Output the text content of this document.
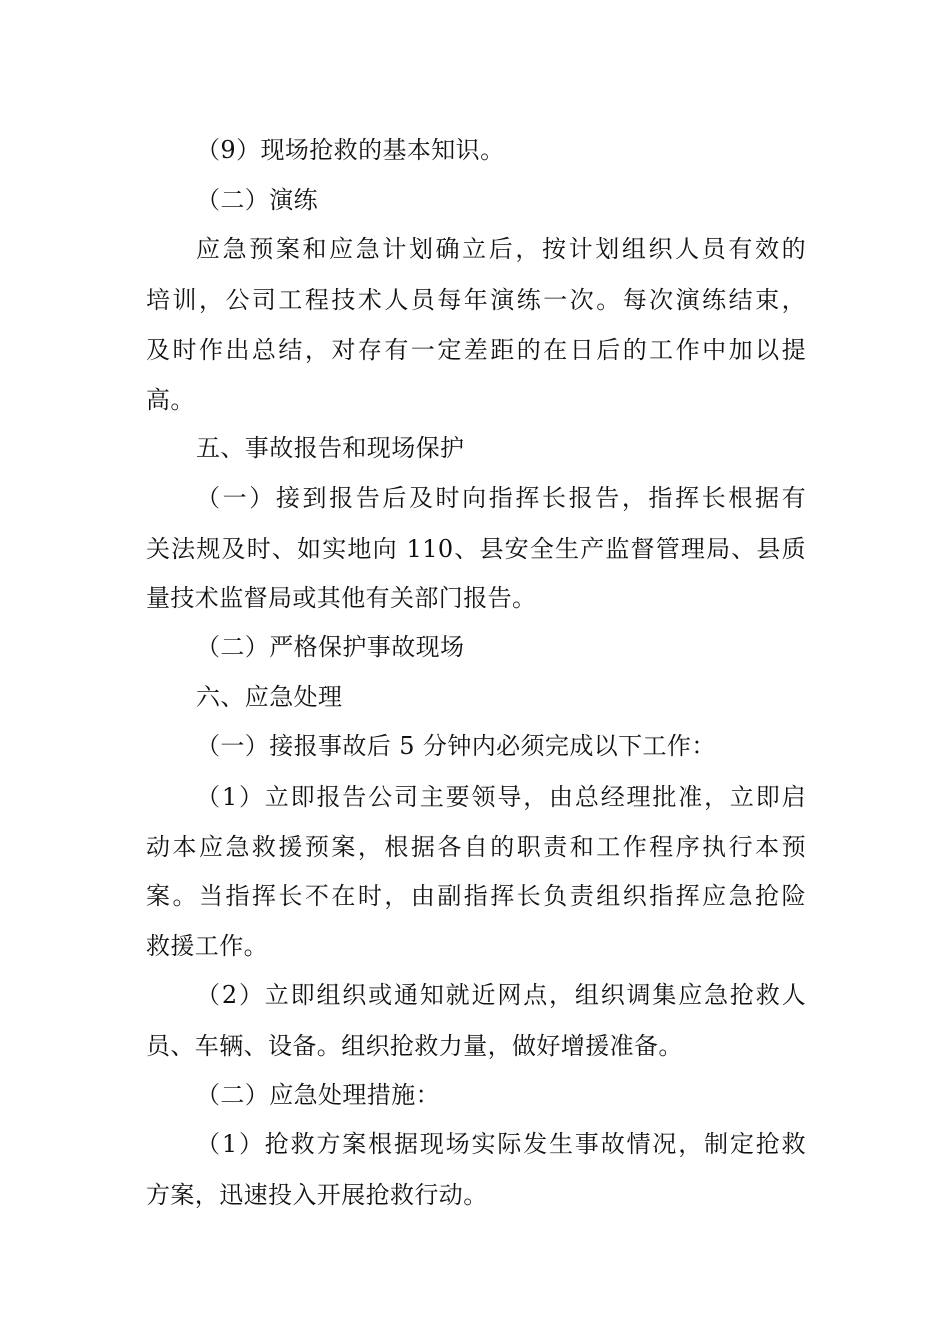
（9）现场抢救的基本知识。
（二）演练
应急预案和应急计划确立后，按计划组织人员有效的
培训，公司工程技术人员每年演练一次。每次演练结束，
及时作出总结，对存有一定差距的在日后的工作中加以提
高。
五、事故报告和现场保护
（一）接到报告后及时向指挥长报告，指挥长根据有
关法规及时、如实地向 110、县安全生产监督管理局、县质
量技术监督局或其他有关部门报告。
（二）严格保护事故现场
六、应急处理
（一）接报事故后 5 分钟内必须完成以下工作：
（1）立即报告公司主要领导，由总经理批准，立即启
动本应急救援预案，根据各自的职责和工作程序执行本预
案。当指挥长不在时，由副指挥长负责组织指挥应急抢险
救援工作。
（2）立即组织或通知就近网点，组织调集应急抢救人
员、车辆、设备。组织抢救力量，做好增援准备。
（二）应急处理措施：
（1）抢救方案根据现场实际发生事故情况，制定抢救
方案，迅速投入开展抢救行动。
